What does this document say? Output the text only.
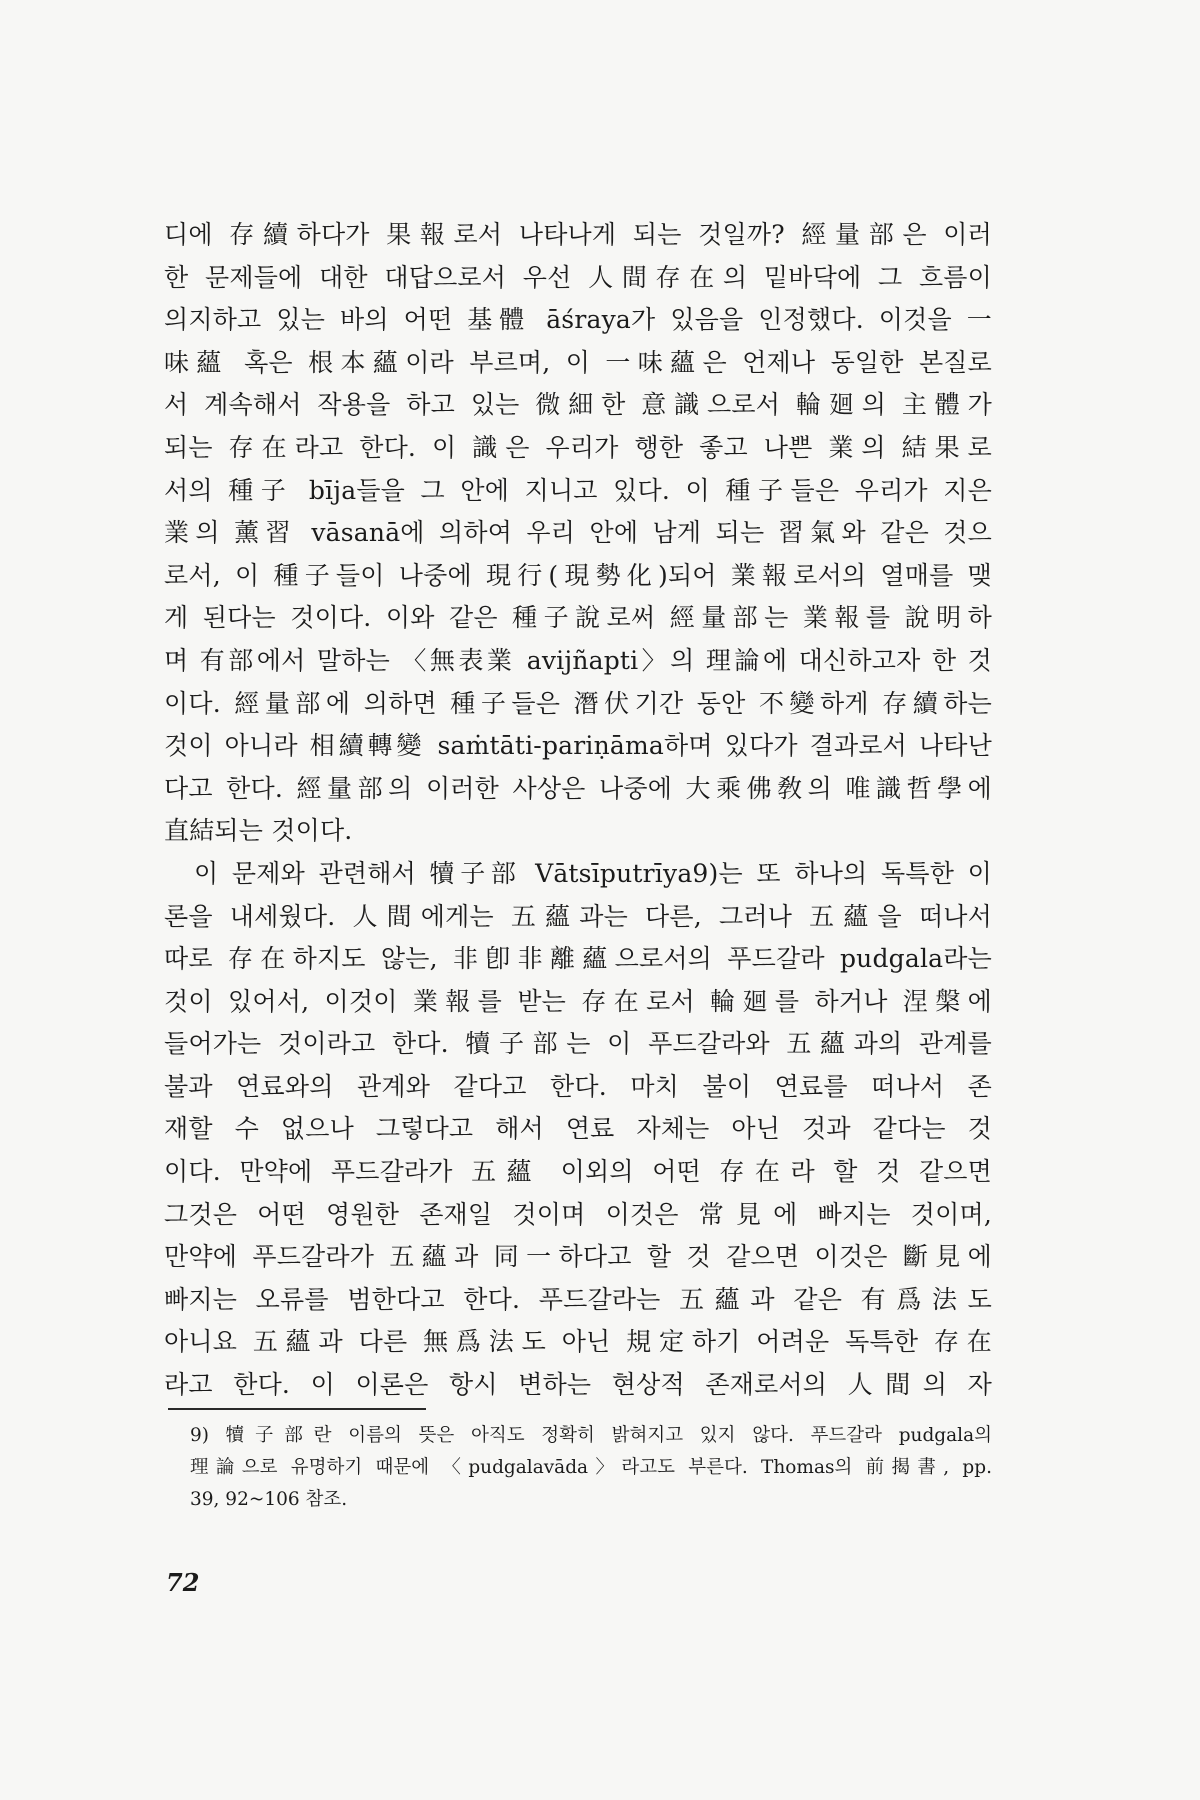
디에 存續하다가 果報로서 나타나게 되는 것일까? 經量部은 이러
한 문제들에 대한 대답으로서 우선 人間存在의 밑바닥에 그 흐름이
의지하고 있는 바의 어떤 基體 āśraya가 있음을 인정했다. 이것을 一
味蘊 혹은 根本蘊이라 부르며, 이 一味蘊은 언제나 동일한 본질로
서 계속해서 작용을 하고 있는 微細한 意識으로서 輪廻의 主體가
되는 存在라고 한다. 이 識은 우리가 행한 좋고 나쁜 業의 結果로
서의 種子 bīja들을 그 안에 지니고 있다. 이 種子들은 우리가 지은
業의 薰習 vāsanā에 의하여 우리 안에 남게 되는 習氣와 같은 것으
로서, 이 種子들이 나중에 現行(現勢化)되어 業報로서의 열매를 맺
게 된다는 것이다. 이와 같은 種子說로써 經量部는 業報를 說明하
며 有部에서 말하는 〈無表業 avijñapti〉의 理論에 대신하고자 한 것
이다. 經量部에 의하면 種子들은 潛伏기간 동안 不變하게 存續하는
것이 아니라 相續轉變 saṁtāti-pariṇāma하며 있다가 결과로서 나타난
다고 한다. 經量部의 이러한 사상은 나중에 大乘佛敎의 唯識哲學에
直結되는 것이다.
이 문제와 관련해서 犢子部 Vātsīputrīya9)는 또 하나의 독특한 이
론을 내세웠다. 人間에게는 五蘊과는 다른, 그러나 五蘊을 떠나서
따로 存在하지도 않는, 非卽非離蘊으로서의 푸드갈라 pudgala라는
것이 있어서, 이것이 業報를 받는 存在로서 輪廻를 하거나 涅槃에
들어가는 것이라고 한다. 犢子部는 이 푸드갈라와 五蘊과의 관계를
불과 연료와의 관계와 같다고 한다. 마치 불이 연료를 떠나서 존
재할 수 없으나 그렇다고 해서 연료 자체는 아닌 것과 같다는 것
이다. 만약에 푸드갈라가 五蘊 이외의 어떤 存在라 할 것 같으면
그것은 어떤 영원한 존재일 것이며 이것은 常見에 빠지는 것이며,
만약에 푸드갈라가 五蘊과 同一하다고 할 것 같으면 이것은 斷見에
빠지는 오류를 범한다고 한다. 푸드갈라는 五蘊과 같은 有爲法도
아니요 五蘊과 다른 無爲法도 아닌 規定하기 어려운 독특한 存在
라고 한다. 이 이론은 항시 변하는 현상적 존재로서의 人間의 자
9) 犢子部란 이름의 뜻은 아직도 정확히 밝혀지고 있지 않다. 푸드갈라 pudgala의
理論으로 유명하기 때문에 〈pudgalavāda〉라고도 부른다. Thomas의 前揭書, pp.
39, 92~106 참조.
72
